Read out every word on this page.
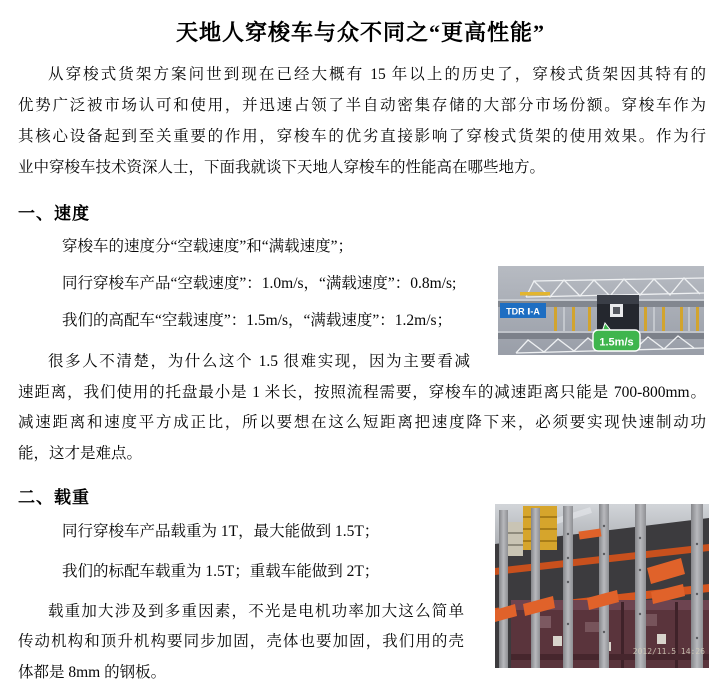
天地人穿梭车与众不同之“更高性能”
从穿梭式货架方案问世到现在已经大概有 15 年以上的历史了，穿梭式货架因其特有的
优势广泛被市场认可和使用，并迅速占领了半自动密集存储的大部分市场份额。穿梭车作为
其核心设备起到至关重要的作用，穿梭车的优劣直接影响了穿梭式货架的使用效果。作为行
业中穿梭车技术资深人士，下面我就谈下天地人穿梭车的性能高在哪些地方。
一、速度
穿梭车的速度分“空载速度”和“满载速度”；
同行穿梭车产品“空载速度”：1.0m/s，“满载速度”：0.8m/s;
我们的高配车“空载速度”：1.5m/s，“满载速度”：1.2m/s；
TDR Ⅰ-A
1.5m/s
很多人不清楚，为什么这个 1.5 很难实现，因为主要看减
速距离，我们使用的托盘最小是 1 米长，按照流程需要，穿梭车的减速距离只能是 700-800mm。
减速距离和速度平方成正比，所以要想在这么短距离把速度降下来，必须要实现快速制动功
能，这才是难点。
二、载重
同行穿梭车产品载重为 1T，最大能做到 1.5T；
我们的标配车载重为 1.5T；重载车能做到 2T；
2012/11.5 14:26
载重加大涉及到多重因素，不光是电机功率加大这么简单
传动机构和顶升机构要同步加固，壳体也要加固，我们用的壳
体都是 8mm 的钢板。
